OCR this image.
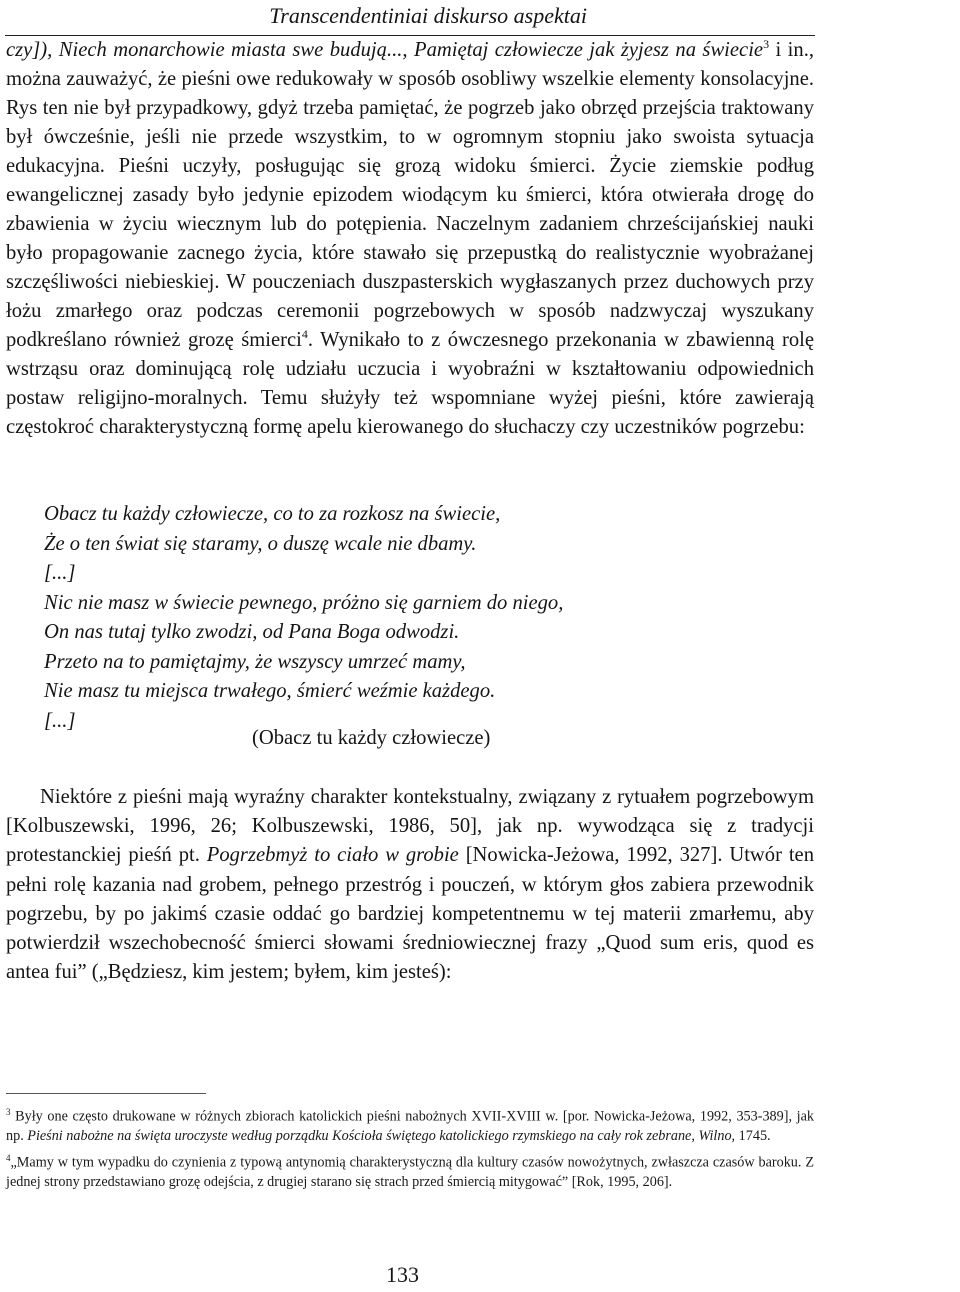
Transcendentiniai diskurso aspektai

czy]), Niech monarchowie miasta swe budują..., Pamiętaj człowiecze jak żyjesz na świecie$^3$ i in., można zauważyć, że pieśni owe redukowały w sposób osobliwy wszelkie elementy konsolacyjne. Rys ten nie był przypadkowy, gdyż trzeba pamiętać, że pogrzeb jako obrzęd przejścia traktowany był ówcześnie, jeśli nie przede wszystkim, to w ogromnym stopniu jako swoista sytuacja edukacyjna. Pieśni uczyły, posługując się grozą widoku śmierci. Życie ziemskie podług ewangelicznej zasady było jedynie epizodem wiodącym ku śmierci, która otwierała drogę do zbawienia w życiu wiecznym lub do potępienia. Naczelnym zadaniem chrześcijańskiej nauki było propagowanie zacnego życia, które stawało się przepustką do realistycznie wyobrażanej szczęśliwości niebieskiej. W pouczeniach duszpasterskich wygłaszanych przez duchowych przy łożu zmarłego oraz podczas ceremonii pogrzebowych w sposób nadzwyczaj wyszukany podkreślano również grozę śmierci$^4$. Wynikało to z ówczesnego przekonania w zbawienną rolę wstrząsu oraz dominującą rolę udziału uczucia i wyobraźni w kształtowaniu odpowiednich postaw religijno-moralnych. Temu służyły też wspomniane wyżej pieśni, które zawierają częstokroć charakterystyczną formę apelu kierowanego do słuchaczy czy uczestników pogrzebu:

Obacz tu każdy człowiecze, co to za rozkosz na świecie,
Że o ten świat się staramy, o duszę wcale nie dbamy.
[...]
Nic nie masz w świecie pewnego, próżno się garniem do niego,
On nas tutaj tylko zwodzi, od Pana Boga odwodzi.
Przeto na to pamiętajmy, że wszyscy umrzeć mamy,
Nie masz tu miejsca trwałego, śmierć weźmie każdego.
[...]
(Obacz tu każdy człowiecze)

Niektóre z pieśni mają wyraźny charakter kontekstualny, związany z rytuałem pogrzebowym [Kolbuszewski, 1996, 26; Kolbuszewski, 1986, 50], jak np. wywodząca się z tradycji protestanckiej pieśń pt. Pogrzebmyż to ciało w grobie [Nowicka-Jeżowa, 1992, 327]. Utwór ten pełni rolę kazania nad grobem, pełnego przestróg i pouczeń, w którym głos zabiera przewodnik pogrzebu, by po jakimś czasie oddać go bardziej kompetentnemu w tej materii zmarłemu, aby potwierdził wszechobecność śmierci słowami średniowiecznej frazy „Quod sum eris, quod es antea fui” („Będziesz, kim jestem; byłem, kim jesteś):

$^3$ Były one często drukowane w różnych zbiorach katolickich pieśni nabożnych XVII-XVIII w. [por. Nowicka-Jeżowa, 1992, 353-389], jak np. Pieśni nabożne na święta uroczyste według porządku Kościoła świętego katolickiego rzymskiego na cały rok zebrane, Wilno, 1745.

$^4$„Mamy w tym wypadku do czynienia z typową antynomią charakterystyczną dla kultury czasów nowożytnych, zwłaszcza czasów baroku. Z jednej strony przedstawiano grozę odejścia, z drugiej starano się strach przed śmiercią mitygować” [Rok, 1995, 206].

133
